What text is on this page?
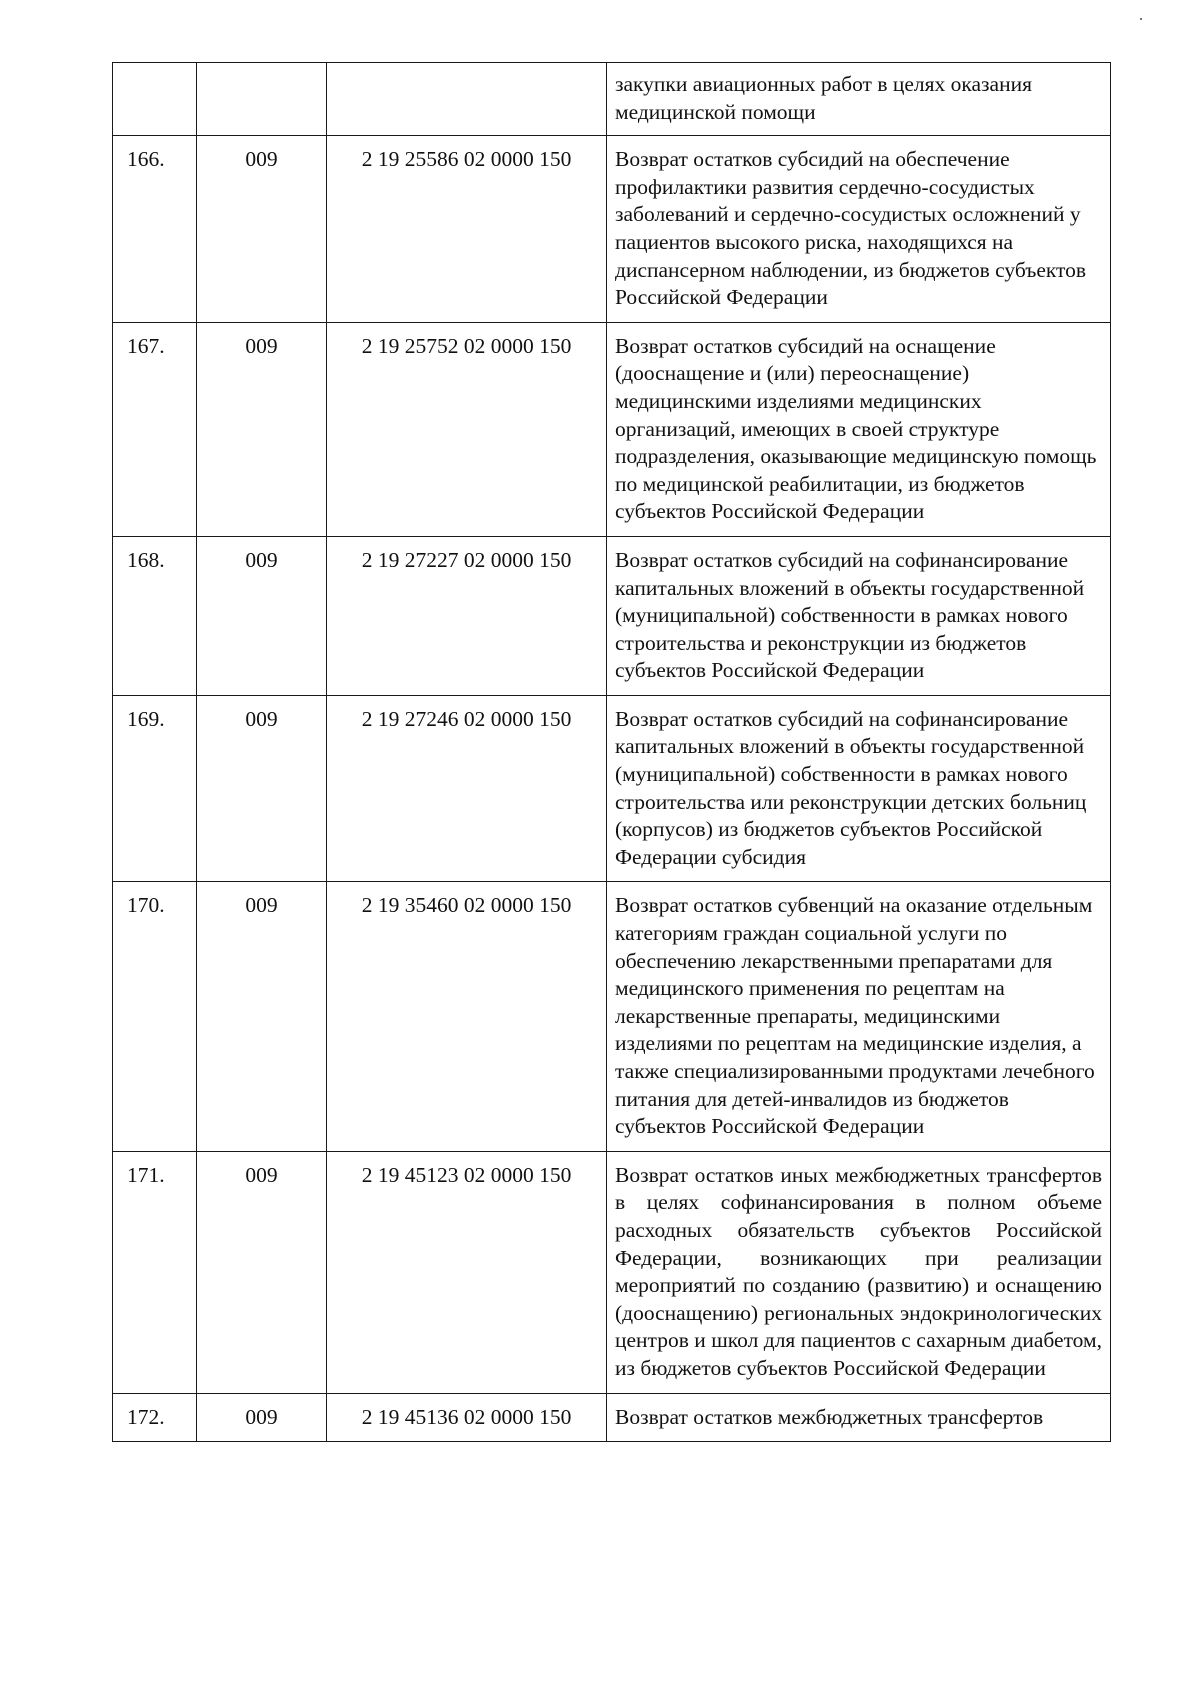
			закупки авиационных работ в целях оказания медицинской помощи
166.	009	2 19 25586 02 0000 150	Возврат остатков субсидий на обеспечение профилактики развития сердечно-сосудистых заболеваний и сердечно-сосудистых осложнений у пациентов высокого риска, находящихся на диспансерном наблюдении, из бюджетов субъектов Российской Федерации
167.	009	2 19 25752 02 0000 150	Возврат остатков субсидий на оснащение (дооснащение и (или) переоснащение) медицинскими изделиями медицинских организаций, имеющих в своей структуре подразделения, оказывающие медицинскую помощь по медицинской реабилитации, из бюджетов субъектов Российской Федерации
168.	009	2 19 27227 02 0000 150	Возврат остатков субсидий на софинансирование капитальных вложений в объекты государственной (муниципальной) собственности в рамках нового строительства и реконструкции из бюджетов субъектов Российской Федерации
169.	009	2 19 27246 02 0000 150	Возврат остатков субсидий на софинансирование капитальных вложений в объекты государственной (муниципальной) собственности в рамках нового строительства или реконструкции детских больниц (корпусов) из бюджетов субъектов Российской Федерации субсидия
170.	009	2 19 35460 02 0000 150	Возврат остатков субвенций на оказание отдельным категориям граждан социальной услуги по обеспечению лекарственными препаратами для медицинского применения по рецептам на лекарственные препараты, медицинскими изделиями по рецептам на медицинские изделия, а также специализированными продуктами лечебного питания для детей-инвалидов из бюджетов субъектов Российской Федерации
171.	009	2 19 45123 02 0000 150	Возврат остатков иных межбюджетных трансфертов в целях софинансирования в полном объеме расходных обязательств субъектов Российской Федерации, возникающих при реализации мероприятий по созданию (развитию) и оснащению (дооснащению) региональных эндокринологических центров и школ для пациентов с сахарным диабетом, из бюджетов субъектов Российской Федерации
172.	009	2 19 45136 02 0000 150	Возврат остатков межбюджетных трансфертов
